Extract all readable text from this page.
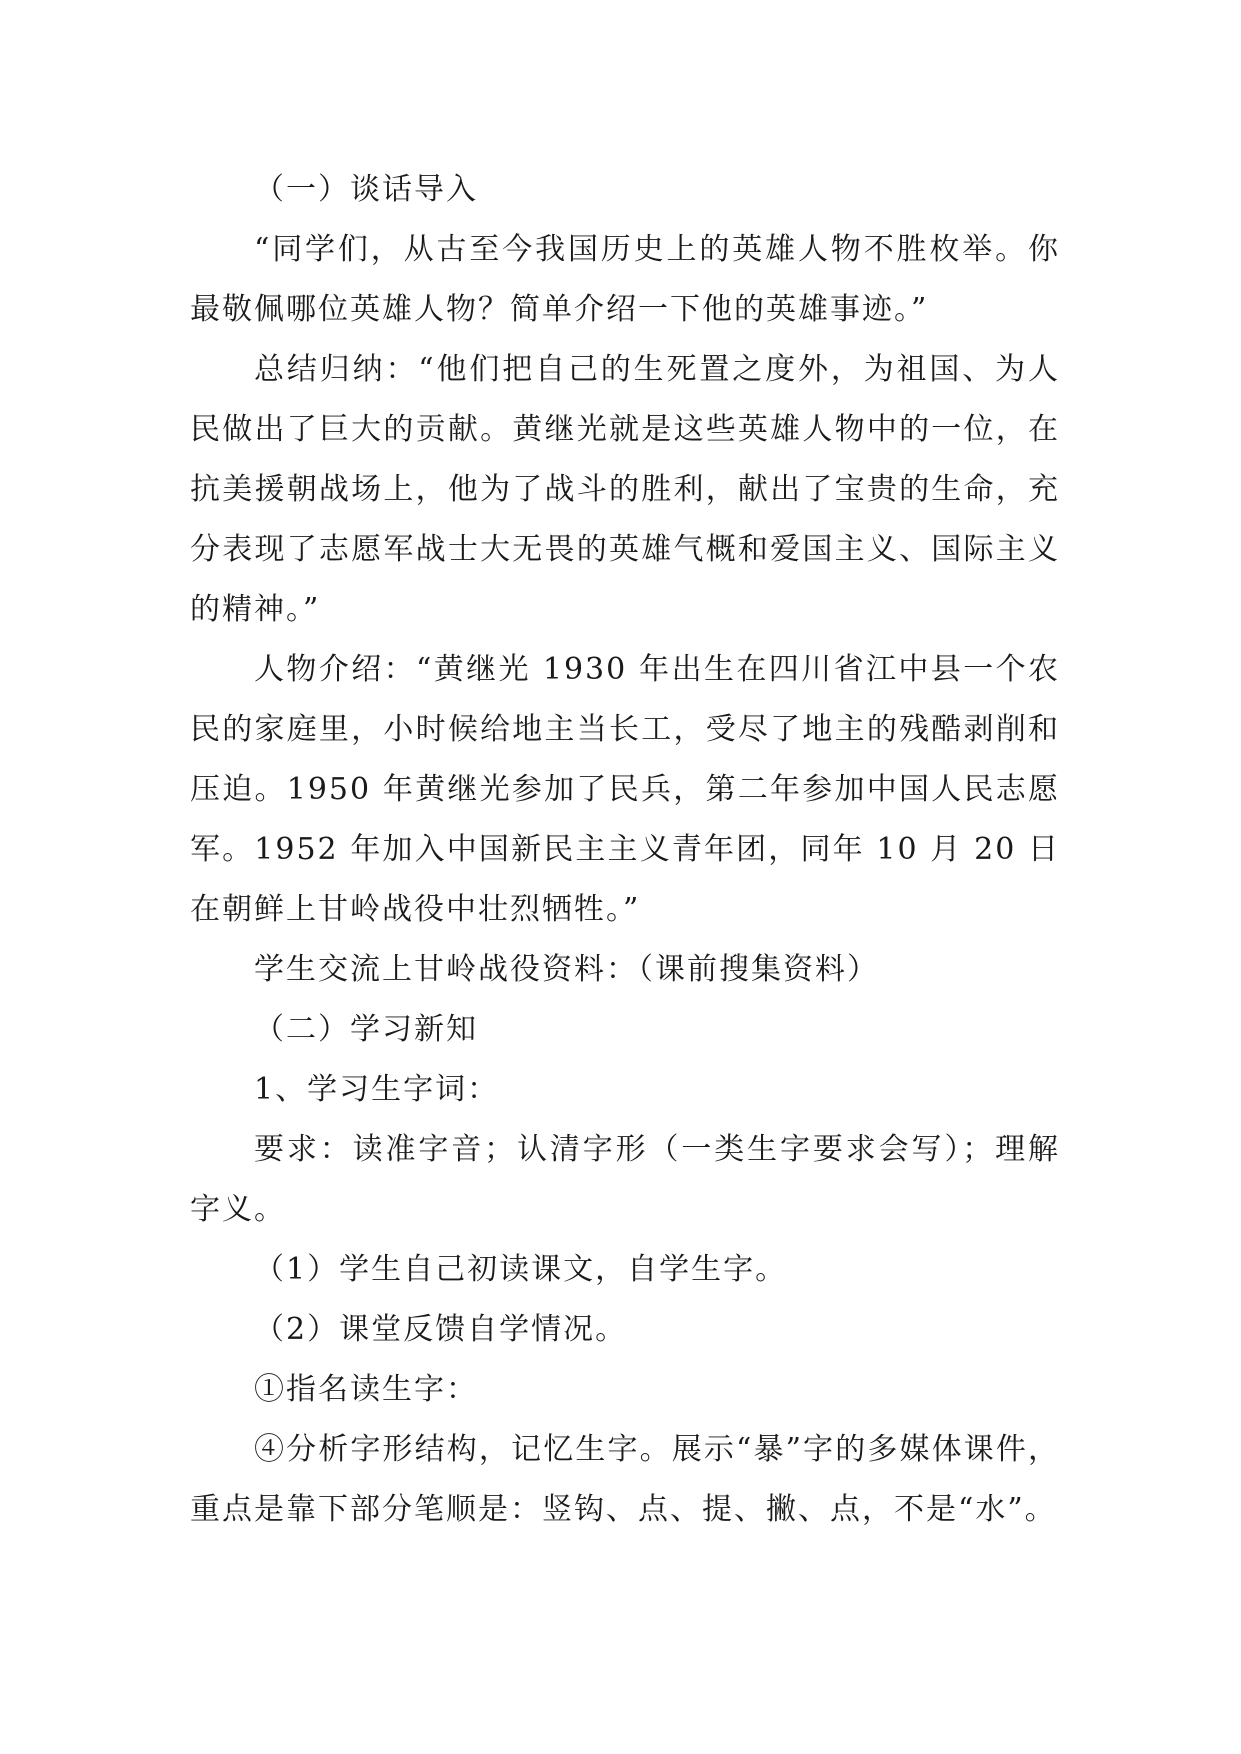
（一）谈话导入

“同学们，从古至今我国历史上的英雄人物不胜枚举。你最敬佩哪位英雄人物？简单介绍一下他的英雄事迹。”

总结归纳：“他们把自己的生死置之度外，为祖国、为人民做出了巨大的贡献。黄继光就是这些英雄人物中的一位，在抗美援朝战场上，他为了战斗的胜利，献出了宝贵的生命，充分表现了志愿军战士大无畏的英雄气概和爱国主义、国际主义的精神。”

人物介绍：“黄继光 1930 年出生在四川省江中县一个农民的家庭里，小时候给地主当长工，受尽了地主的残酷剥削和压迫。1950 年黄继光参加了民兵，第二年参加中国人民志愿军。1952 年加入中国新民主主义青年团，同年 10 月 20 日在朝鲜上甘岭战役中壮烈牺牲。”

学生交流上甘岭战役资料：（课前搜集资料）

（二）学习新知

1、学习生字词：

要求：读准字音；认清字形（一类生字要求会写）；理解字义。

（1）学生自己初读课文，自学生字。

（2）课堂反馈自学情况。

①指名读生字：

④分析字形结构，记忆生字。展示“暴”字的多媒体课件，重点是靠下部分笔顺是：竖钩、点、提、撇、点，不是“水”。
